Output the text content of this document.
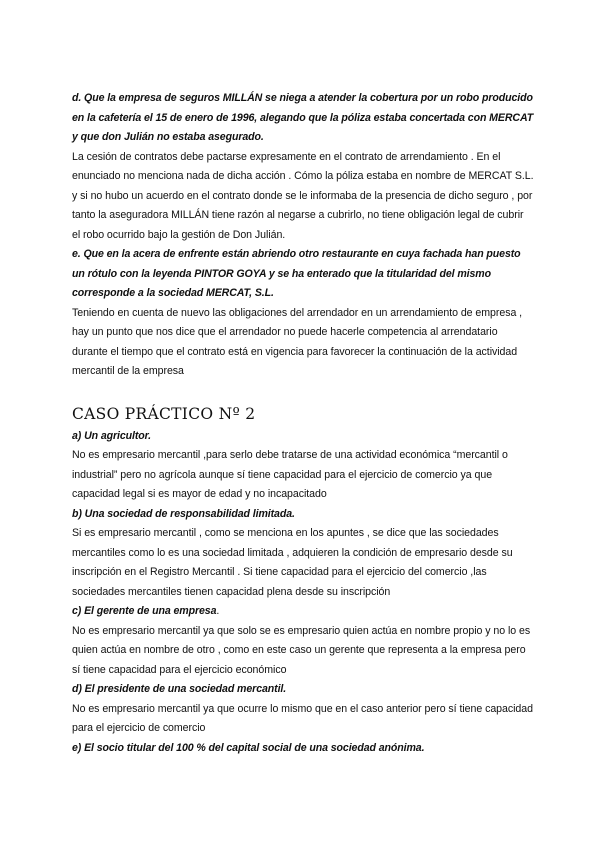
d. Que la empresa de seguros MILLÁN se niega a atender la cobertura por un robo producido en la cafetería el 15 de enero de 1996, alegando que la póliza estaba concertada con MERCAT y que don Julián no estaba asegurado.

La cesión de contratos debe pactarse expresamente en el contrato de arrendamiento . En el enunciado no menciona nada de dicha acción . Cómo la póliza estaba en nombre de MERCAT S.L. y si no hubo un acuerdo en el contrato donde se le informaba de la presencia de dicho seguro , por tanto la aseguradora MILLÁN tiene razón al negarse a cubrirlo, no tiene obligación legal de cubrir el robo ocurrido bajo la gestión de Don Julián.

e. Que en la acera de enfrente están abriendo otro restaurante en cuya fachada han puesto un rótulo con la leyenda PINTOR GOYA y se ha enterado que la titularidad del mismo corresponde a la sociedad MERCAT, S.L.

Teniendo en cuenta de nuevo las obligaciones del arrendador en un arrendamiento de empresa , hay un punto que nos dice que el arrendador no puede hacerle competencia al arrendatario durante el tiempo que el contrato está en vigencia para favorecer la continuación de la actividad mercantil de la empresa

CASO PRÁCTICO Nº 2

a) Un agricultor.

No es empresario mercantil ,para serlo debe tratarse de una actividad económica “mercantil o industrial” pero no agrícola aunque sí tiene capacidad para el ejercicio de comercio ya que capacidad legal si es mayor de edad y no incapacitado

b) Una sociedad de responsabilidad limitada.

Si es empresario mercantil , como se menciona en los apuntes , se dice que las sociedades mercantiles como lo es una sociedad limitada , adquieren la condición de empresario desde su inscripción en el Registro Mercantil . Si tiene capacidad para el ejercicio del comercio ,las sociedades mercantiles tienen capacidad plena desde su inscripción

c) El gerente de una empresa.

No es empresario mercantil ya que solo se es empresario quien actúa en nombre propio y no lo es quien actúa en nombre de otro , como en este caso un gerente que representa a la empresa pero sí tiene capacidad para el ejercicio económico

d) El presidente de una sociedad mercantil.

No es empresario mercantil ya que ocurre lo mismo que en el caso anterior pero sí tiene capacidad para el ejercicio de comercio

e) El socio titular del 100 % del capital social de una sociedad anónima.
